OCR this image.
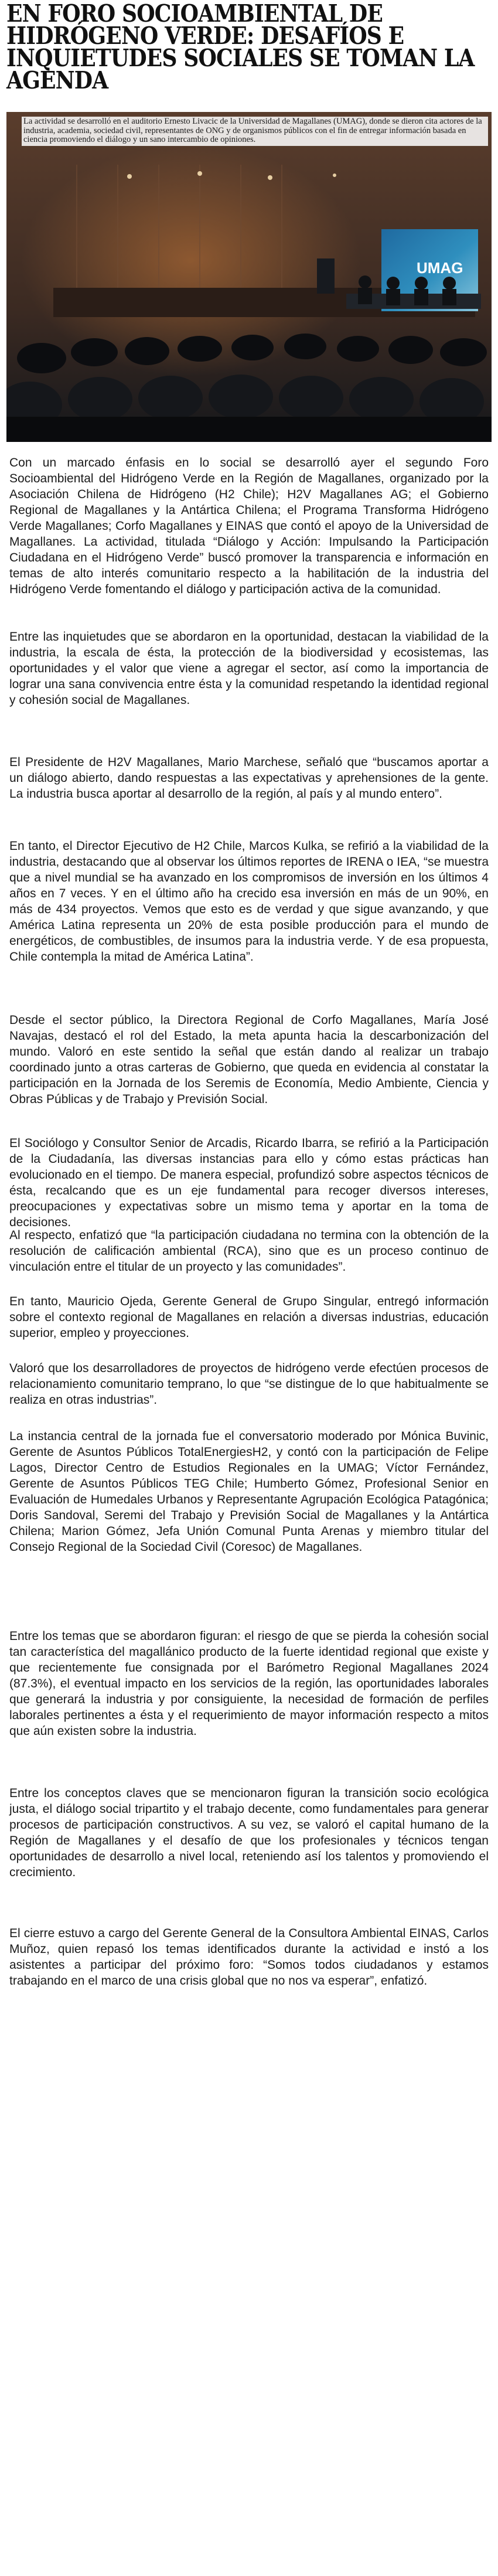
EN FORO SOCIOAMBIENTAL DE HIDRÓGENO VERDE: DESAFÍOS E INQUIETUDES SOCIALES SE TOMAN LA AGENDA
UMAG

La actividad se desarrolló en el auditorio Ernesto Livacic de la Universidad de Magallanes (UMAG), donde se dieron cita actores de la industria, academia, sociedad civil, representantes de ONG y de organismos públicos con el fin de entregar información basada en ciencia promoviendo el diálogo y un sano intercambio de opiniones.

Con un marcado énfasis en lo social se desarrolló ayer el segundo Foro Socioambiental del Hidrógeno Verde en la Región de Magallanes, organizado por la Asociación Chilena de Hidrógeno (H2 Chile); H2V Magallanes AG; el Gobierno Regional de Magallanes y la Antártica Chilena; el Programa Transforma Hidrógeno Verde Magallanes; Corfo Magallanes y EINAS que contó el apoyo de la Universidad de Magallanes. La actividad, titulada “Diálogo y Acción: Impulsando la Participación Ciudadana en el Hidrógeno Verde” buscó promover la transparencia e información en temas de alto interés comunitario respecto a la habilitación de la industria del Hidrógeno Verde fomentando el diálogo y participación activa de la comunidad.

Entre las inquietudes que se abordaron en la oportunidad, destacan la viabilidad de la industria, la escala de ésta, la protección de la biodiversidad y ecosistemas, las oportunidades y el valor que viene a agregar el sector, así como la importancia de lograr una sana convivencia entre ésta y la comunidad respetando la identidad regional y cohesión social de Magallanes.

El Presidente de H2V Magallanes, Mario Marchese, señaló que “buscamos aportar a un diálogo abierto, dando respuestas a las expectativas y aprehensiones de la gente. La industria busca aportar al desarrollo de la región, al país y al mundo entero”.

En tanto, el Director Ejecutivo de H2 Chile, Marcos Kulka, se refirió a la viabilidad de la industria, destacando que al observar los últimos reportes de IRENA o IEA, “se muestra que a nivel mundial se ha avanzado en los compromisos de inversión en los últimos 4 años en 7 veces. Y en el último año ha crecido esa inversión en más de un 90%, en más de 434 proyectos. Vemos que esto es de verdad y que sigue avanzando, y que América Latina representa un 20% de esta posible producción para el mundo de energéticos, de combustibles, de insumos para la industria verde. Y de esa propuesta, Chile contempla la mitad de América Latina”.

Desde el sector público, la Directora Regional de Corfo Magallanes, María José Navajas, destacó el rol del Estado, la meta apunta hacia la descarbonización del mundo. Valoró en este sentido la señal que están dando al realizar un trabajo coordinado junto a otras carteras de Gobierno, que queda en evidencia al constatar la participación en la Jornada de los Seremis de Economía, Medio Ambiente, Ciencia y Obras Públicas y de Trabajo y Previsión Social.

El Sociólogo y Consultor Senior de Arcadis, Ricardo Ibarra, se refirió a la Participación de la Ciudadanía, las diversas instancias para ello y cómo estas prácticas han evolucionado en el tiempo. De manera especial, profundizó sobre aspectos técnicos de ésta, recalcando que es un eje fundamental para recoger diversos intereses, preocupaciones y expectativas sobre un mismo tema y aportar en la toma de decisiones.

Al respecto, enfatizó que “la participación ciudadana no termina con la obtención de la resolución de calificación ambiental (RCA), sino que es un proceso continuo de vinculación entre el titular de un proyecto y las comunidades”.

En tanto, Mauricio Ojeda, Gerente General de Grupo Singular, entregó información sobre el contexto regional de Magallanes en relación a diversas industrias, educación superior, empleo y proyecciones.

Valoró que los desarrolladores de proyectos de hidrógeno verde efectúen procesos de relacionamiento comunitario temprano, lo que “se distingue de lo que habitualmente se realiza en otras industrias”.

La instancia central de la jornada fue el conversatorio moderado por Mónica Buvinic, Gerente de Asuntos Públicos TotalEnergiesH2, y contó con la participación de Felipe Lagos, Director Centro de Estudios Regionales en la UMAG; Víctor Fernández, Gerente de Asuntos Públicos TEG Chile; Humberto Gómez, Profesional Senior en Evaluación de Humedales Urbanos y Representante Agrupación Ecológica Patagónica; Doris Sandoval, Seremi del Trabajo y Previsión Social de Magallanes y la Antártica Chilena; Marion Gómez, Jefa Unión Comunal Punta Arenas y miembro titular del Consejo Regional de la Sociedad Civil (Coresoc) de Magallanes.

Entre los temas que se abordaron figuran: el riesgo de que se pierda la cohesión social tan característica del magallánico producto de la fuerte identidad regional que existe y que recientemente fue consignada por el Barómetro Regional Magallanes 2024 (87.3%), el eventual impacto en los servicios de la región, las oportunidades laborales que generará la industria y por consiguiente, la necesidad de formación de perfiles laborales pertinentes a ésta y el requerimiento de mayor información respecto a mitos que aún existen sobre la industria.

Entre los conceptos claves que se mencionaron figuran la transición socio ecológica justa, el diálogo social tripartito y el trabajo decente, como fundamentales para generar procesos de participación constructivos. A su vez, se valoró el capital humano de la Región de Magallanes y el desafío de que los profesionales y técnicos tengan oportunidades de desarrollo a nivel local, reteniendo así los talentos y promoviendo el crecimiento.

El cierre estuvo a cargo del Gerente General de la Consultora Ambiental EINAS, Carlos Muñoz, quien repasó los temas identificados durante la actividad e instó a los asistentes a participar del próximo foro: “Somos todos ciudadanos y estamos trabajando en el marco de una crisis global que no nos va esperar”, enfatizó.
